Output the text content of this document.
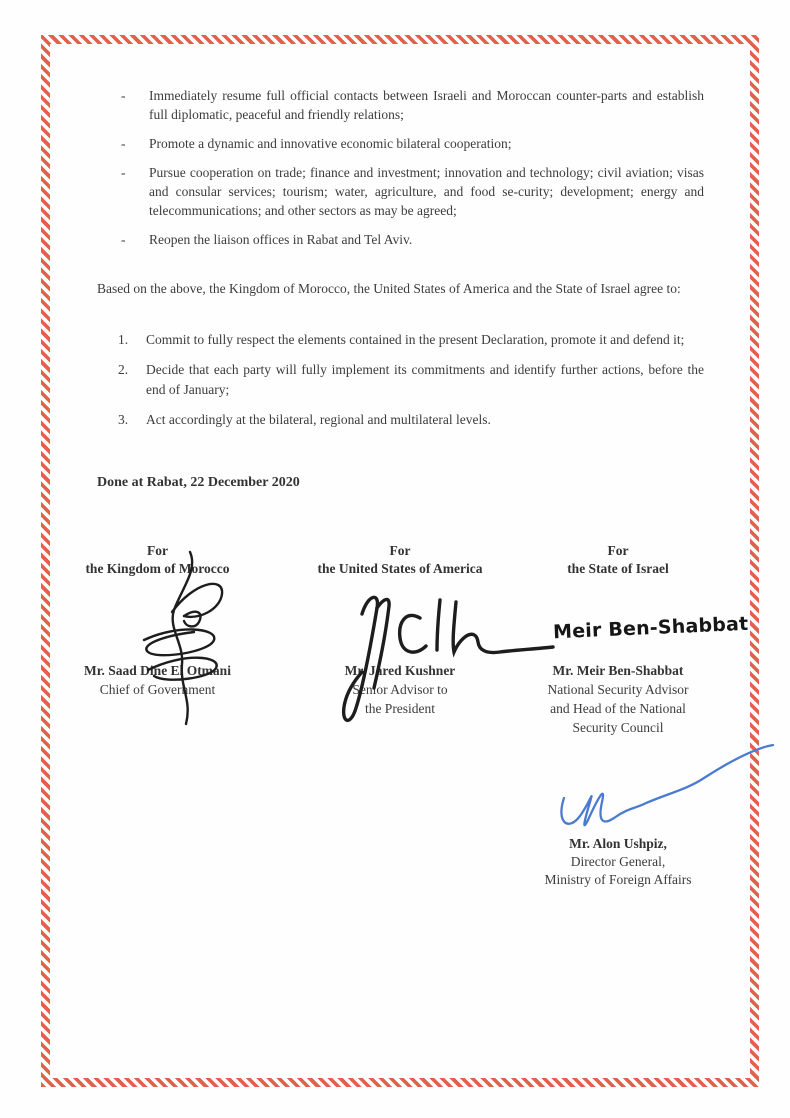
-	Immediately resume full official contacts between Israeli and Moroccan counter-parts and establish full diplomatic, peaceful and friendly relations;
-	Promote a dynamic and innovative economic bilateral cooperation;
-	Pursue cooperation on trade; finance and investment; innovation and technology; civil aviation; visas and consular services; tourism; water, agriculture, and food se-curity; development; energy and telecommunications; and other sectors as may be agreed;
-	Reopen the liaison offices in Rabat and Tel Aviv.
Based on the above, the Kingdom of Morocco, the United States of America and the State of Israel agree to:
1.	Commit to fully respect the elements contained in the present Declaration, promote it and defend it;
2.	Decide that each party will fully implement its commitments and identify further actions, before the end of January;
3.	Act accordingly at the bilateral, regional and multilateral levels.
Done at Rabat, 22 December 2020
For
the Kingdom of Morocco
For
the United States of America
For
the State of Israel
Mr. Saad Dine El Otmani
Chief of Government
Mr. Jared Kushner
Senior Advisor to
the President
Mr. Meir Ben-Shabbat
National Security Advisor
and Head of the National
Security Council
Mr. Alon Ushpiz,
Director General,
Ministry of Foreign Affairs
Meir Ben-Shabbat
